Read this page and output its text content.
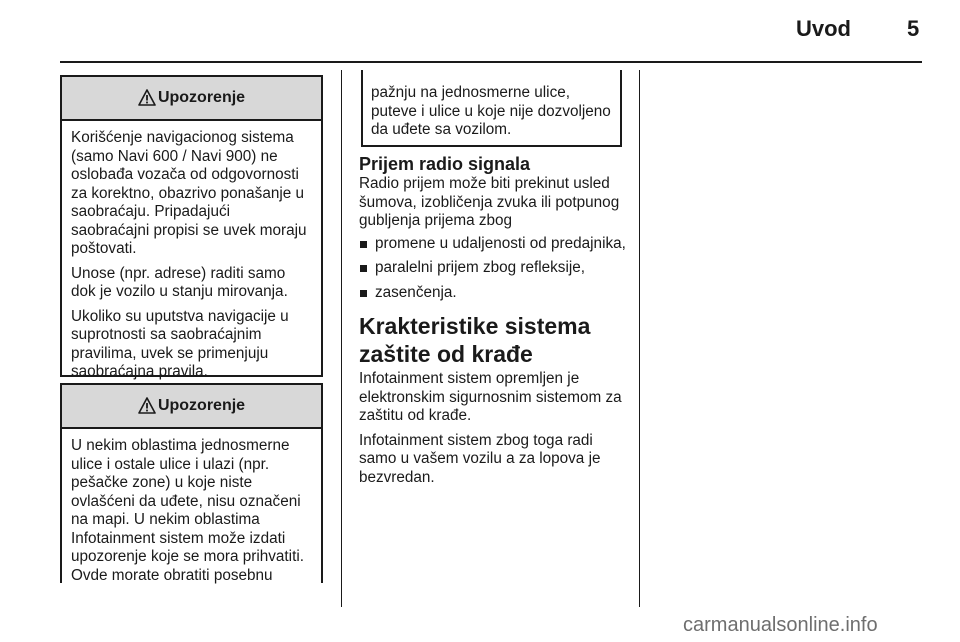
Uvod	5
Upozorenje

Korišćenje navigacionog sistema (samo Navi 600 / Navi 900) ne oslobađa vozača od odgovornosti za korektno, obazrivo ponašanje u saobraćaju. Pripadajući saobraćajni propisi se uvek moraju poštovati.

Unose (npr. adrese) raditi samo dok je vozilo u stanju mirovanja.

Ukoliko su uputstva navigacije u suprotnosti sa saobraćajnim pravilima, uvek se primenjuju saobraćajna pravila.

Upozorenje

U nekim oblastima jednosmerne ulice i ostale ulice i ulazi (npr. pešačke zone) u koje niste ovlašćeni da uđete, nisu označeni na mapi. U nekim oblastima Infotainment sistem može izdati upozorenje koje se mora prihvatiti. Ovde morate obratiti posebnu

pažnju na jednosmerne ulice, puteve i ulice u koje nije dozvoljeno da uđete sa vozilom.
Prijem radio signala

Radio prijem može biti prekinut usled šumova, izobličenja zvuka ili potpunog gubljenja prijema zbog

promene u udaljenosti od predajnika,
paralelni prijem zbog refleksije,
zasenčenja.
Krakteristike sistema
zaštite od krađe

Infotainment sistem opremljen je elektronskim sigurnosnim sistemom za zaštitu od krađe.

Infotainment sistem zbog toga radi samo u vašem vozilu a za lopova je bezvredan.

carmanualsonline.info
